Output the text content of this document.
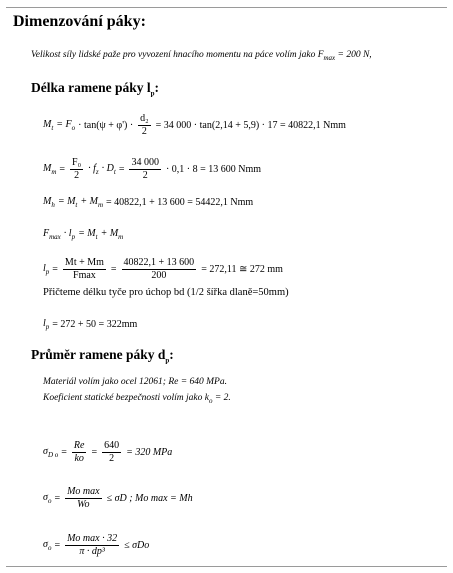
Dimenzování páky:
Velikost síly lidské paže pro vyvození hnacího momentu na páce volím jako $F_{max} = 200$ N,
Délka ramene páky $l_p$:
$M_t = F_o \cdot \tan(\psi + \varphi') \cdot \frac{\text{d₂}}{2} = 34$ 000 · tan(2,14 + 5,9) · 17 = 40822,1 Nmm
$M_m = \frac{\text{F₀}}{2} \cdot f_z \cdot D_t = \frac{34 000}{2} \cdot 0,1 \cdot 8 = 13$ 600 Nmm
$M_h = M_t + M_m = 40822,1 + 13$ 600 = 54422,1 Nmm
$F_{max} \cdot l_p = M_t + M_m$
$l_p = \frac{Mt + Mm}{Fmax} = \frac{40822,1 + 13 600}{200} = 272,11$ ≅ 272 mm
Přičteme délku tyče pro úchop bd (1/2 šířka dlaně=50mm)
$l_p = 272 + 50 = 322mm$
Průměr ramene páky $d_p$:
Materiál volím jako ocel 12061; Re = 640 MPa.
Koeficient statické bezpečnosti volím jako $k_o = 2$.
$\sigma_{D o} = \frac{Re}{ko} = \frac{640}{2} = 320$ MPa
$\sigma_o = \frac{\text{Mo max}}{Wo} \le \sigma D$ ; Mo max = Mh
$\sigma_o = \frac{\text{Mo max · 32}}{\text{π · dp³}} \le \sigma Do$
